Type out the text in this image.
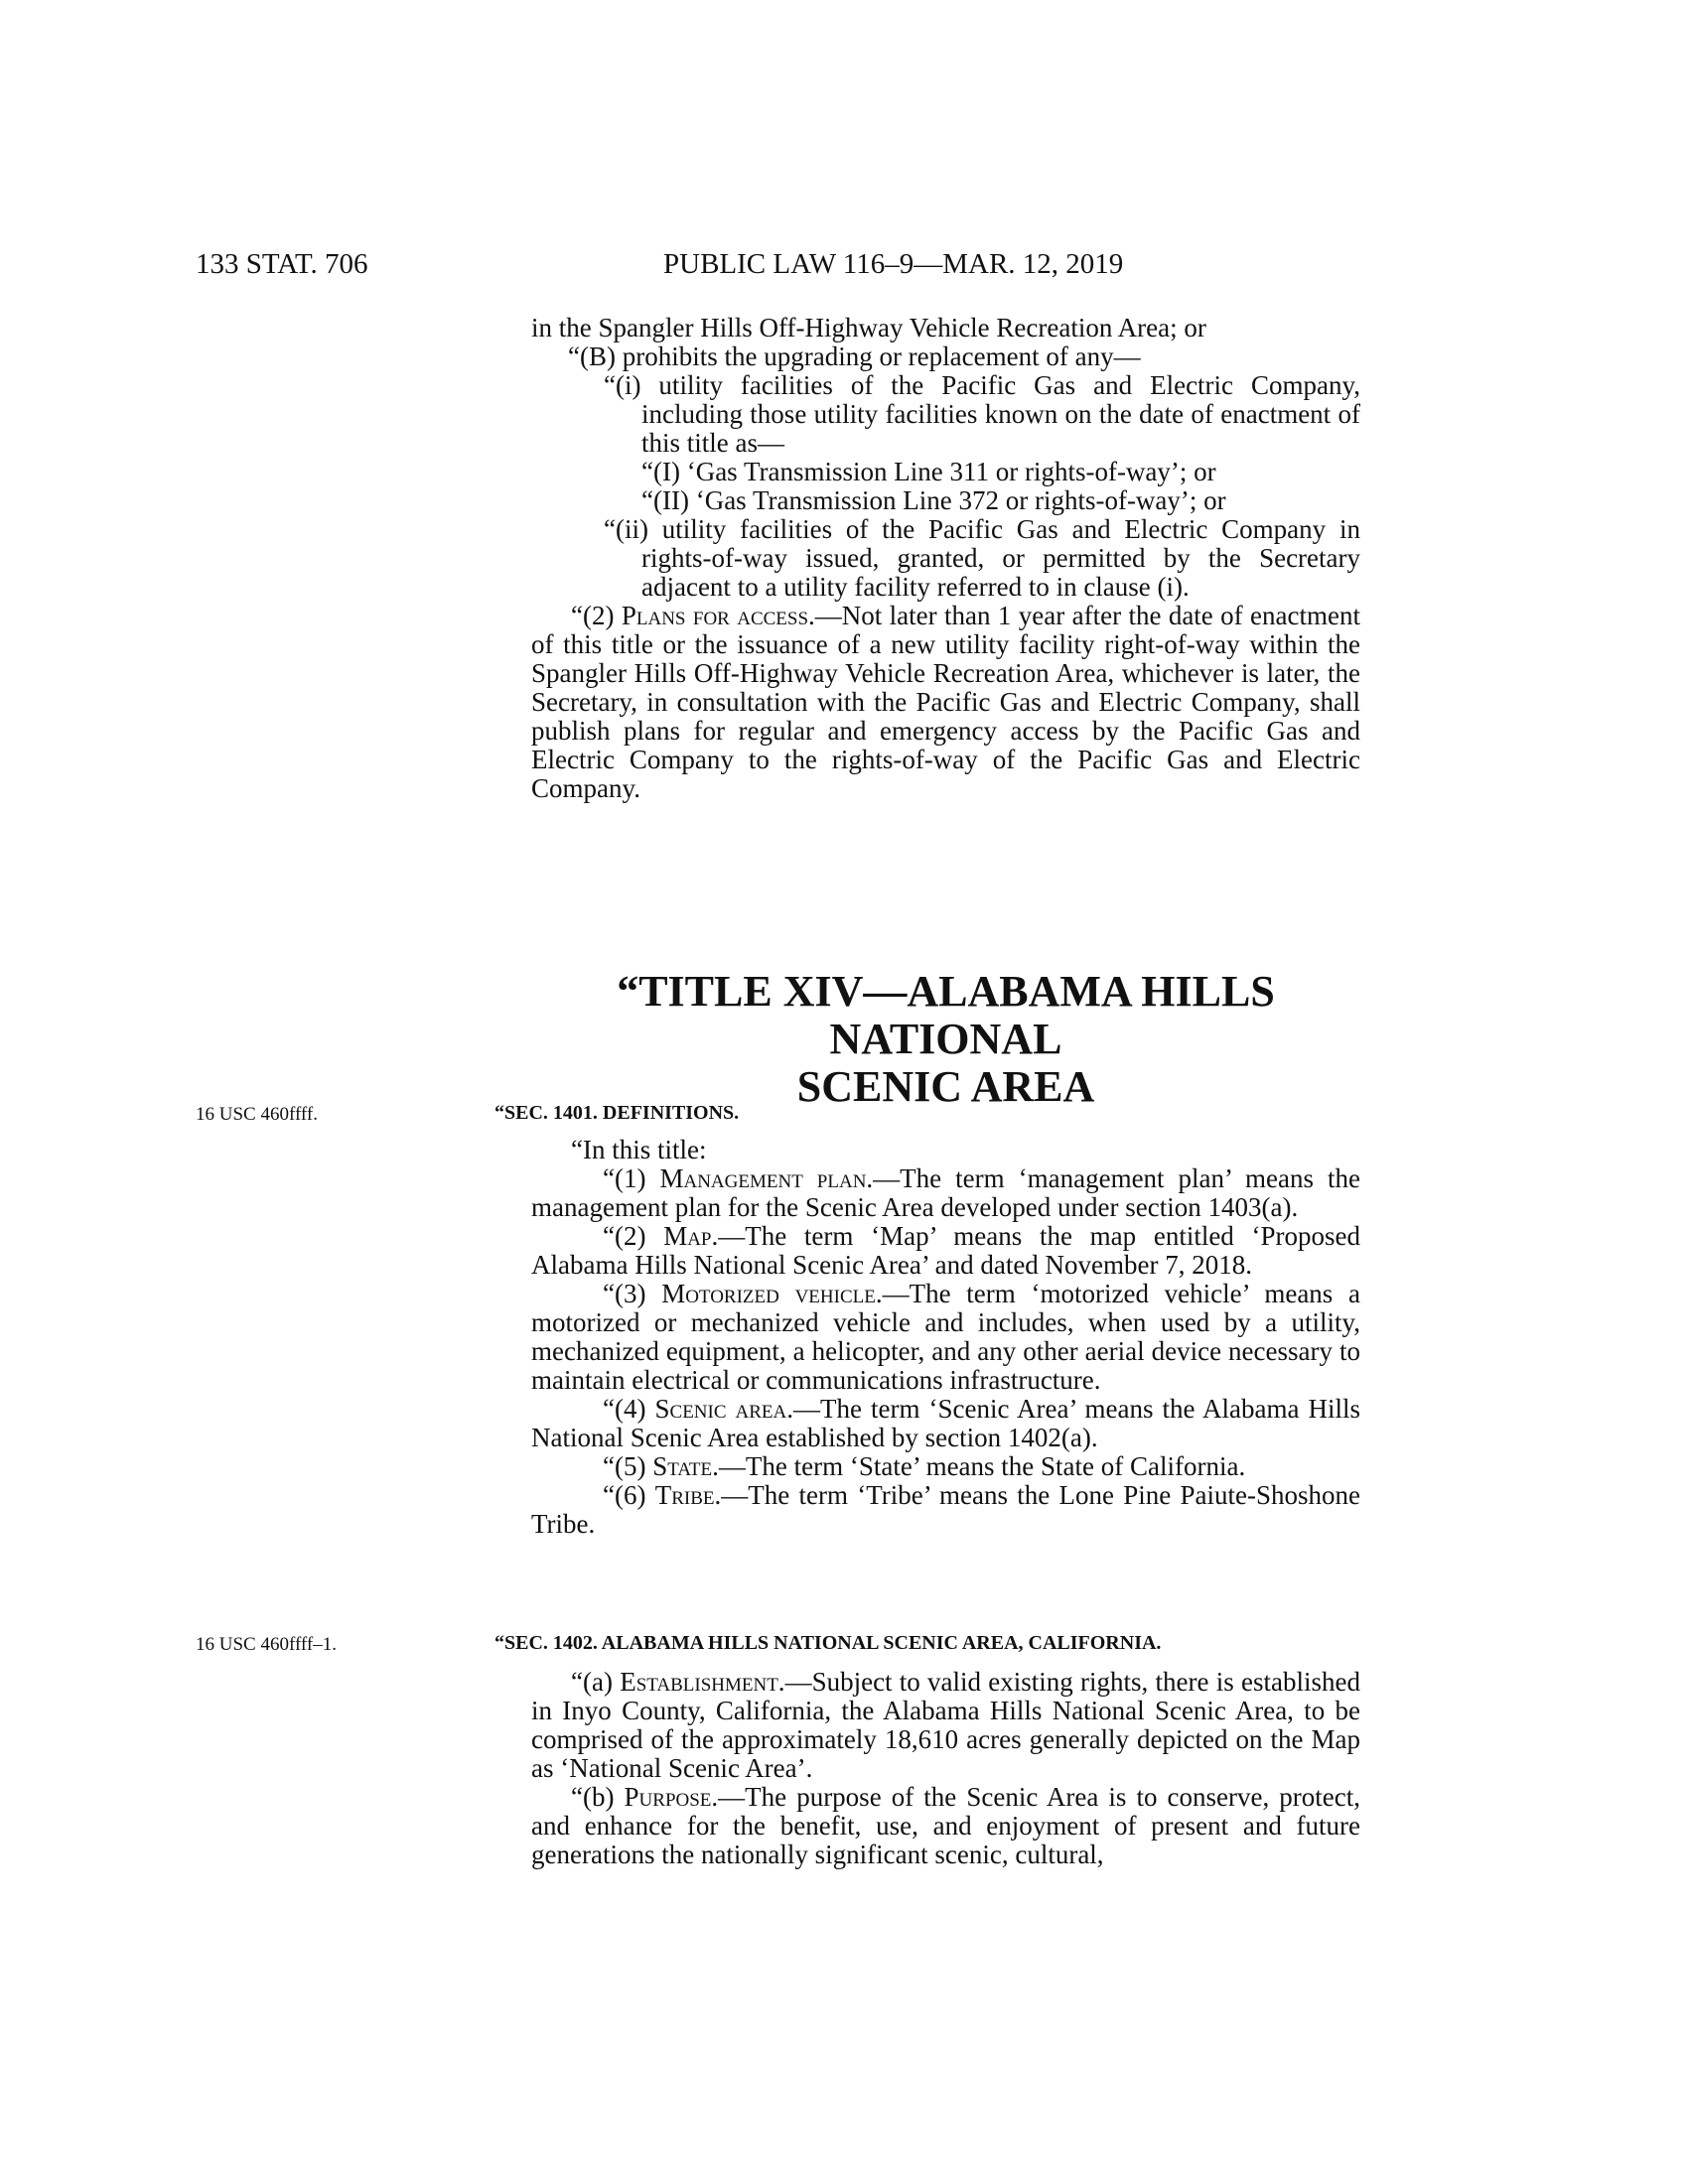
133 STAT. 706	PUBLIC LAW 116–9—MAR. 12, 2019

in the Spangler Hills Off-Highway Vehicle Recreation Area; or

“(B) prohibits the upgrading or replacement of any—

“(i) utility facilities of the Pacific Gas and Electric Company, including those utility facilities known on the date of enactment of this title as—

“(I) ‘Gas Transmission Line 311 or rights-of-way’; or

“(II) ‘Gas Transmission Line 372 or rights-of-way’; or

“(ii) utility facilities of the Pacific Gas and Electric Company in rights-of-way issued, granted, or permitted by the Secretary adjacent to a utility facility referred to in clause (i).

“(2) Plans for access.—Not later than 1 year after the date of enactment of this title or the issuance of a new utility facility right-of-way within the Spangler Hills Off-Highway Vehicle Recreation Area, whichever is later, the Secretary, in consultation with the Pacific Gas and Electric Company, shall publish plans for regular and emergency access by the Pacific Gas and Electric Company to the rights-of-way of the Pacific Gas and Electric Company.

“TITLE XIV—ALABAMA HILLS NATIONAL
SCENIC AREA
16 USC 460ffff.	“SEC. 1401. DEFINITIONS.

“In this title:

“(1) Management plan.—The term ‘management plan’ means the management plan for the Scenic Area developed under section 1403(a).

“(2) Map.—The term ‘Map’ means the map entitled ‘Proposed Alabama Hills National Scenic Area’ and dated November 7, 2018.

“(3) Motorized vehicle.—The term ‘motorized vehicle’ means a motorized or mechanized vehicle and includes, when used by a utility, mechanized equipment, a helicopter, and any other aerial device necessary to maintain electrical or communications infrastructure.

“(4) Scenic area.—The term ‘Scenic Area’ means the Alabama Hills National Scenic Area established by section 1402(a).

“(5) State.—The term ‘State’ means the State of California.

“(6) Tribe.—The term ‘Tribe’ means the Lone Pine Paiute-Shoshone Tribe.

16 USC 460ffff–1.	“SEC. 1402. ALABAMA HILLS NATIONAL SCENIC AREA, CALIFORNIA.

“(a) Establishment.—Subject to valid existing rights, there is established in Inyo County, California, the Alabama Hills National Scenic Area, to be comprised of the approximately 18,610 acres generally depicted on the Map as ‘National Scenic Area’.

“(b) Purpose.—The purpose of the Scenic Area is to conserve, protect, and enhance for the benefit, use, and enjoyment of present and future generations the nationally significant scenic, cultural,
